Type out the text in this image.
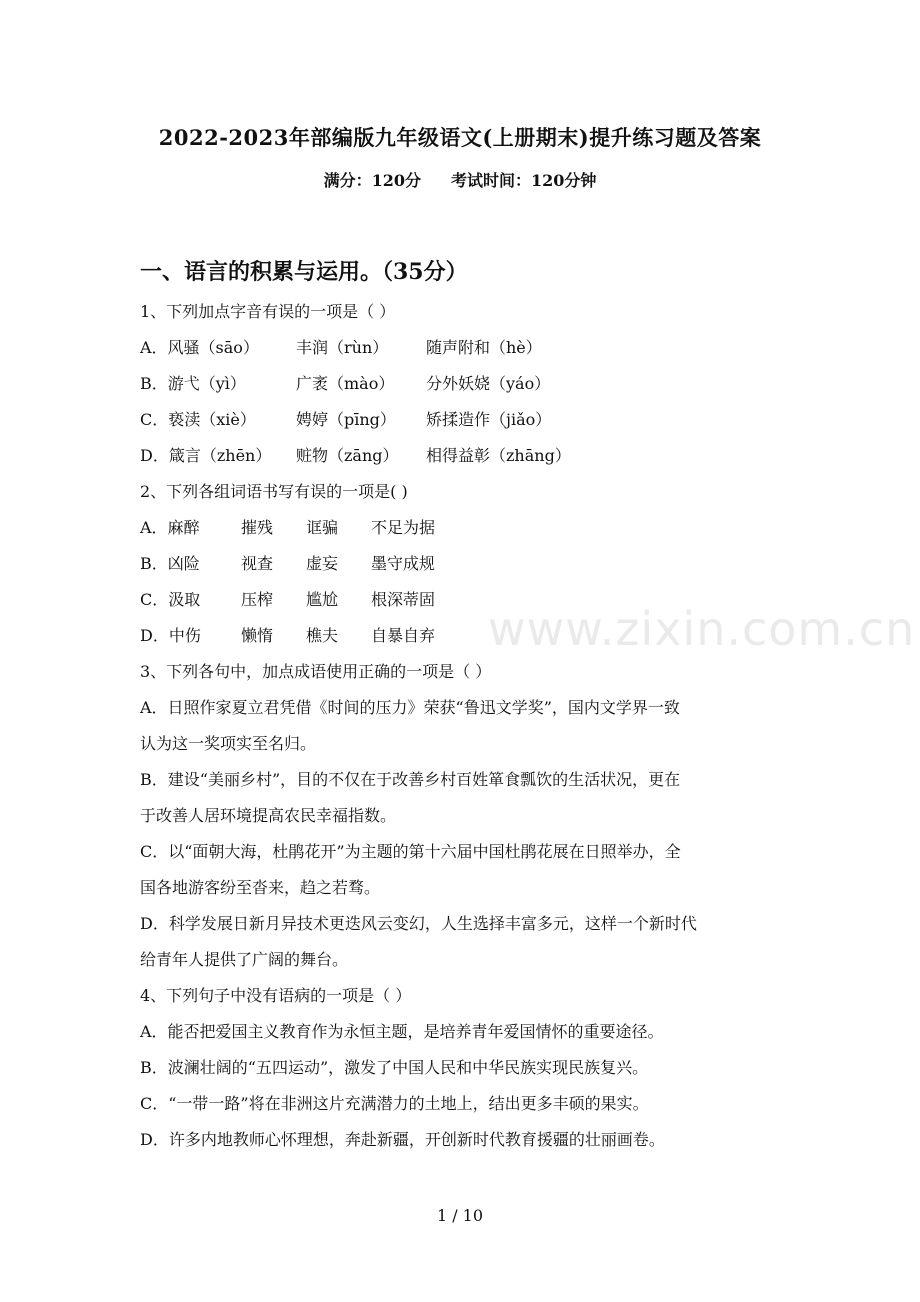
2022-2023年部编版九年级语文(上册期末)提升练习题及答案
满分：120分 考试时间：120分钟
一、语言的积累与运用。（35分）
1、下列加点字音有误的一项是（ ）
A．风骚（sāo） 丰润（rùn） 随声附和（hè）
B．游弋（yì）	广袤（mào） 分外妖娆（yáo）
C．亵渎（xiè）	娉婷（pīng） 矫揉造作（jiǎo）
D．箴言（zhēn） 赃物（zāng） 相得益彰（zhāng）
2、下列各组词语书写有误的一项是( )
A．麻醉	摧残 诓骗 不足为据
B．凶险	视查 虚妄 墨守成规
C．汲取	压榨 尴尬 根深蒂固
D．中伤	懒惰 樵夫 自暴自弃
3、下列各句中，加点成语使用正确的一项是（ ）
A．日照作家夏立君凭借《时间的压力》荣获“鲁迅文学奖”，国内文学界一致
认为这一奖项实至名归。
B．建设“美丽乡村”，目的不仅在于改善乡村百姓箪食瓢饮的生活状况，更在
于改善人居环境提高农民幸福指数。
C．以“面朝大海，杜鹃花开”为主题的第十六届中国杜鹃花展在日照举办，全
国各地游客纷至沓来，趋之若骛。
D．科学发展日新月异技术更迭风云变幻，人生选择丰富多元，这样一个新时代
给青年人提供了广阔的舞台。
4、下列句子中没有语病的一项是（ ）
A．能否把爱国主义教育作为永恒主题，是培养青年爱国情怀的重要途径。
B．波澜壮阔的“五四运动”，激发了中国人民和中华民族实现民族复兴。
C．“一带一路”将在非洲这片充满潜力的土地上，结出更多丰硕的果实。
D．许多内地教师心怀理想，奔赴新疆，开创新时代教育援疆的壮丽画卷。
www.zixin.com.cn
1 / 10
